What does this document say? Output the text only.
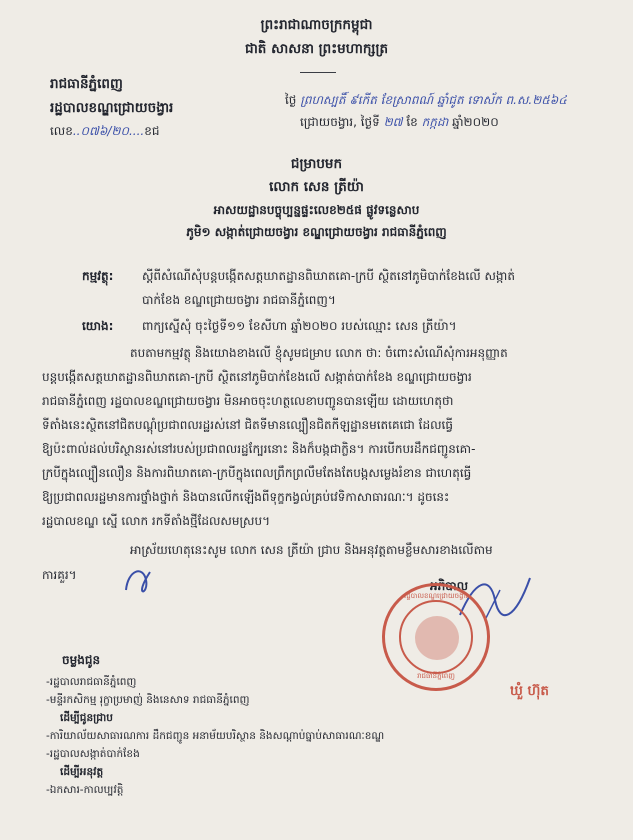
ព្រះរាជាណាចក្រកម្ពុជា
ជាតិ សាសនា ព្រះមហាក្សត្រ
រាជធានីភ្នំពេញ
រដ្ឋបាលខណ្ឌជ្រោយចង្វារ
លេខ..០៧៦/២០....ខជ
ថ្ងៃ ព្រហស្បតិ៍ ៩កើត ខែស្រាពណ៍ ឆ្នាំជូត ទោស័ក ព.ស.២៥៦៤
ជ្រោយចង្វារ, ថ្ងៃទី ២៧ ខែ កក្កដា ឆ្នាំ២០២០
ជម្រាបមក
លោក សេន ត្រីយ៉ា
អាសយដ្ឋានបច្ចុប្បន្នផ្ទះលេខ២៥ផ ផ្លូវទន្លេសាប
ភូមិ១ សង្កាត់ជ្រោយចង្វារ ខណ្ឌជ្រោយចង្វារ រាជធានីភ្នំពេញ
កម្មវត្ថុ: ស្ដីពីសំណើសុំបន្តបង្កើតសត្តឃាតដ្ឋានពិឃាតគោ-ក្របី ស្ថិតនៅភូមិបាក់ខែងលើ សង្កាត់
បាក់ខែង ខណ្ឌជ្រោយចង្វារ រាជធានីភ្នំពេញ។
យោង: ពាក្យស្នើសុំ ចុះថ្ងៃទី១១ ខែសីហា ឆ្នាំ២០២០ របស់ឈ្មោះ សេន ត្រីយ៉ា។
តបតាមកម្មវត្ថុ និងយោងខាងលើ ខ្ញុំសូមជម្រាប លោក ថា: ចំពោះសំណើសុំការអនុញ្ញាត
បន្តបង្កើតសត្តឃាតដ្ឋានពិឃាតគោ-ក្របី ស្ថិតនៅភូមិបាក់ខែងលើ សង្កាត់បាក់ខែង ខណ្ឌជ្រោយចង្វារ
រាជធានីភ្នំពេញ រដ្ឋបាលខណ្ឌជ្រោយចង្វារ មិនអាចចុះហត្ថលេខាបញ្ជូនបានឡើយ ដោយហេតុថា
ទីតាំងនេះស្ថិតនៅជិតបណ្ដុំប្រជាពលរដ្ឋរស់នៅ ជិតទីមានល្បឿនជិតកីឡដ្ឋានមតេគេជោ ដែលធ្វើ
ឱ្យប៉ះពាល់ដល់បរិស្ថានរស់នៅរបស់ប្រជាពលរដ្ឋក្បែរនោះ និងក៏បង្កជាក្លិន។ ការបើកបរដឹកជញ្ជូនគោ-
ក្របីក្នុងល្បឿនលឿន និងការពិឃាតគោ-ក្របីក្នុងពេលព្រឹកព្រលឹមតែងតែបង្កសម្លេងរំខាន ជាហេតុធ្វើ
ឱ្យប្រជាពលរដ្ឋមានការថ្នាំងថ្នាក់ និងបានលើកឡើងពីទុក្ខកង្វល់គ្រប់វេទិកាសាធារណៈ។ ដូចនេះ
រដ្ឋបាលខណ្ឌ ស្នើ លោក រកទីតាំងថ្មីដែលសមស្រប។
អាស្រ័យហេតុនេះសូម លោក សេន ត្រីយ៉ា ជ្រាប និងអនុវត្តតាមខ្លឹមសារខាងលើតាម
ការគួរ។
អភិបាល
រដ្ឋបាលខណ្ឌជ្រោយចង្វារ
រាជធានីភ្នំពេញ
ឃួំ ហ៊ុត
ចម្លងជូន
-រដ្ឋបាលរាជធានីភ្នំពេញ
-មន្ទីរកសិកម្ម រុក្ខាប្រមាញ់ និងនេសាទ រាជធានីភ្នំពេញ
ដើម្បីជូនជ្រាប
-ការិយាល័យសាធារណការ ដឹកជញ្ជូន អនាម័យបរិស្ថាន និងសណ្តាប់ធ្នាប់សាធារណៈខណ្ឌ
-រដ្ឋបាលសង្កាត់បាក់ខែង
ដើម្បីអនុវត្ត
-ឯកសារ-កាលប្បវត្តិ
